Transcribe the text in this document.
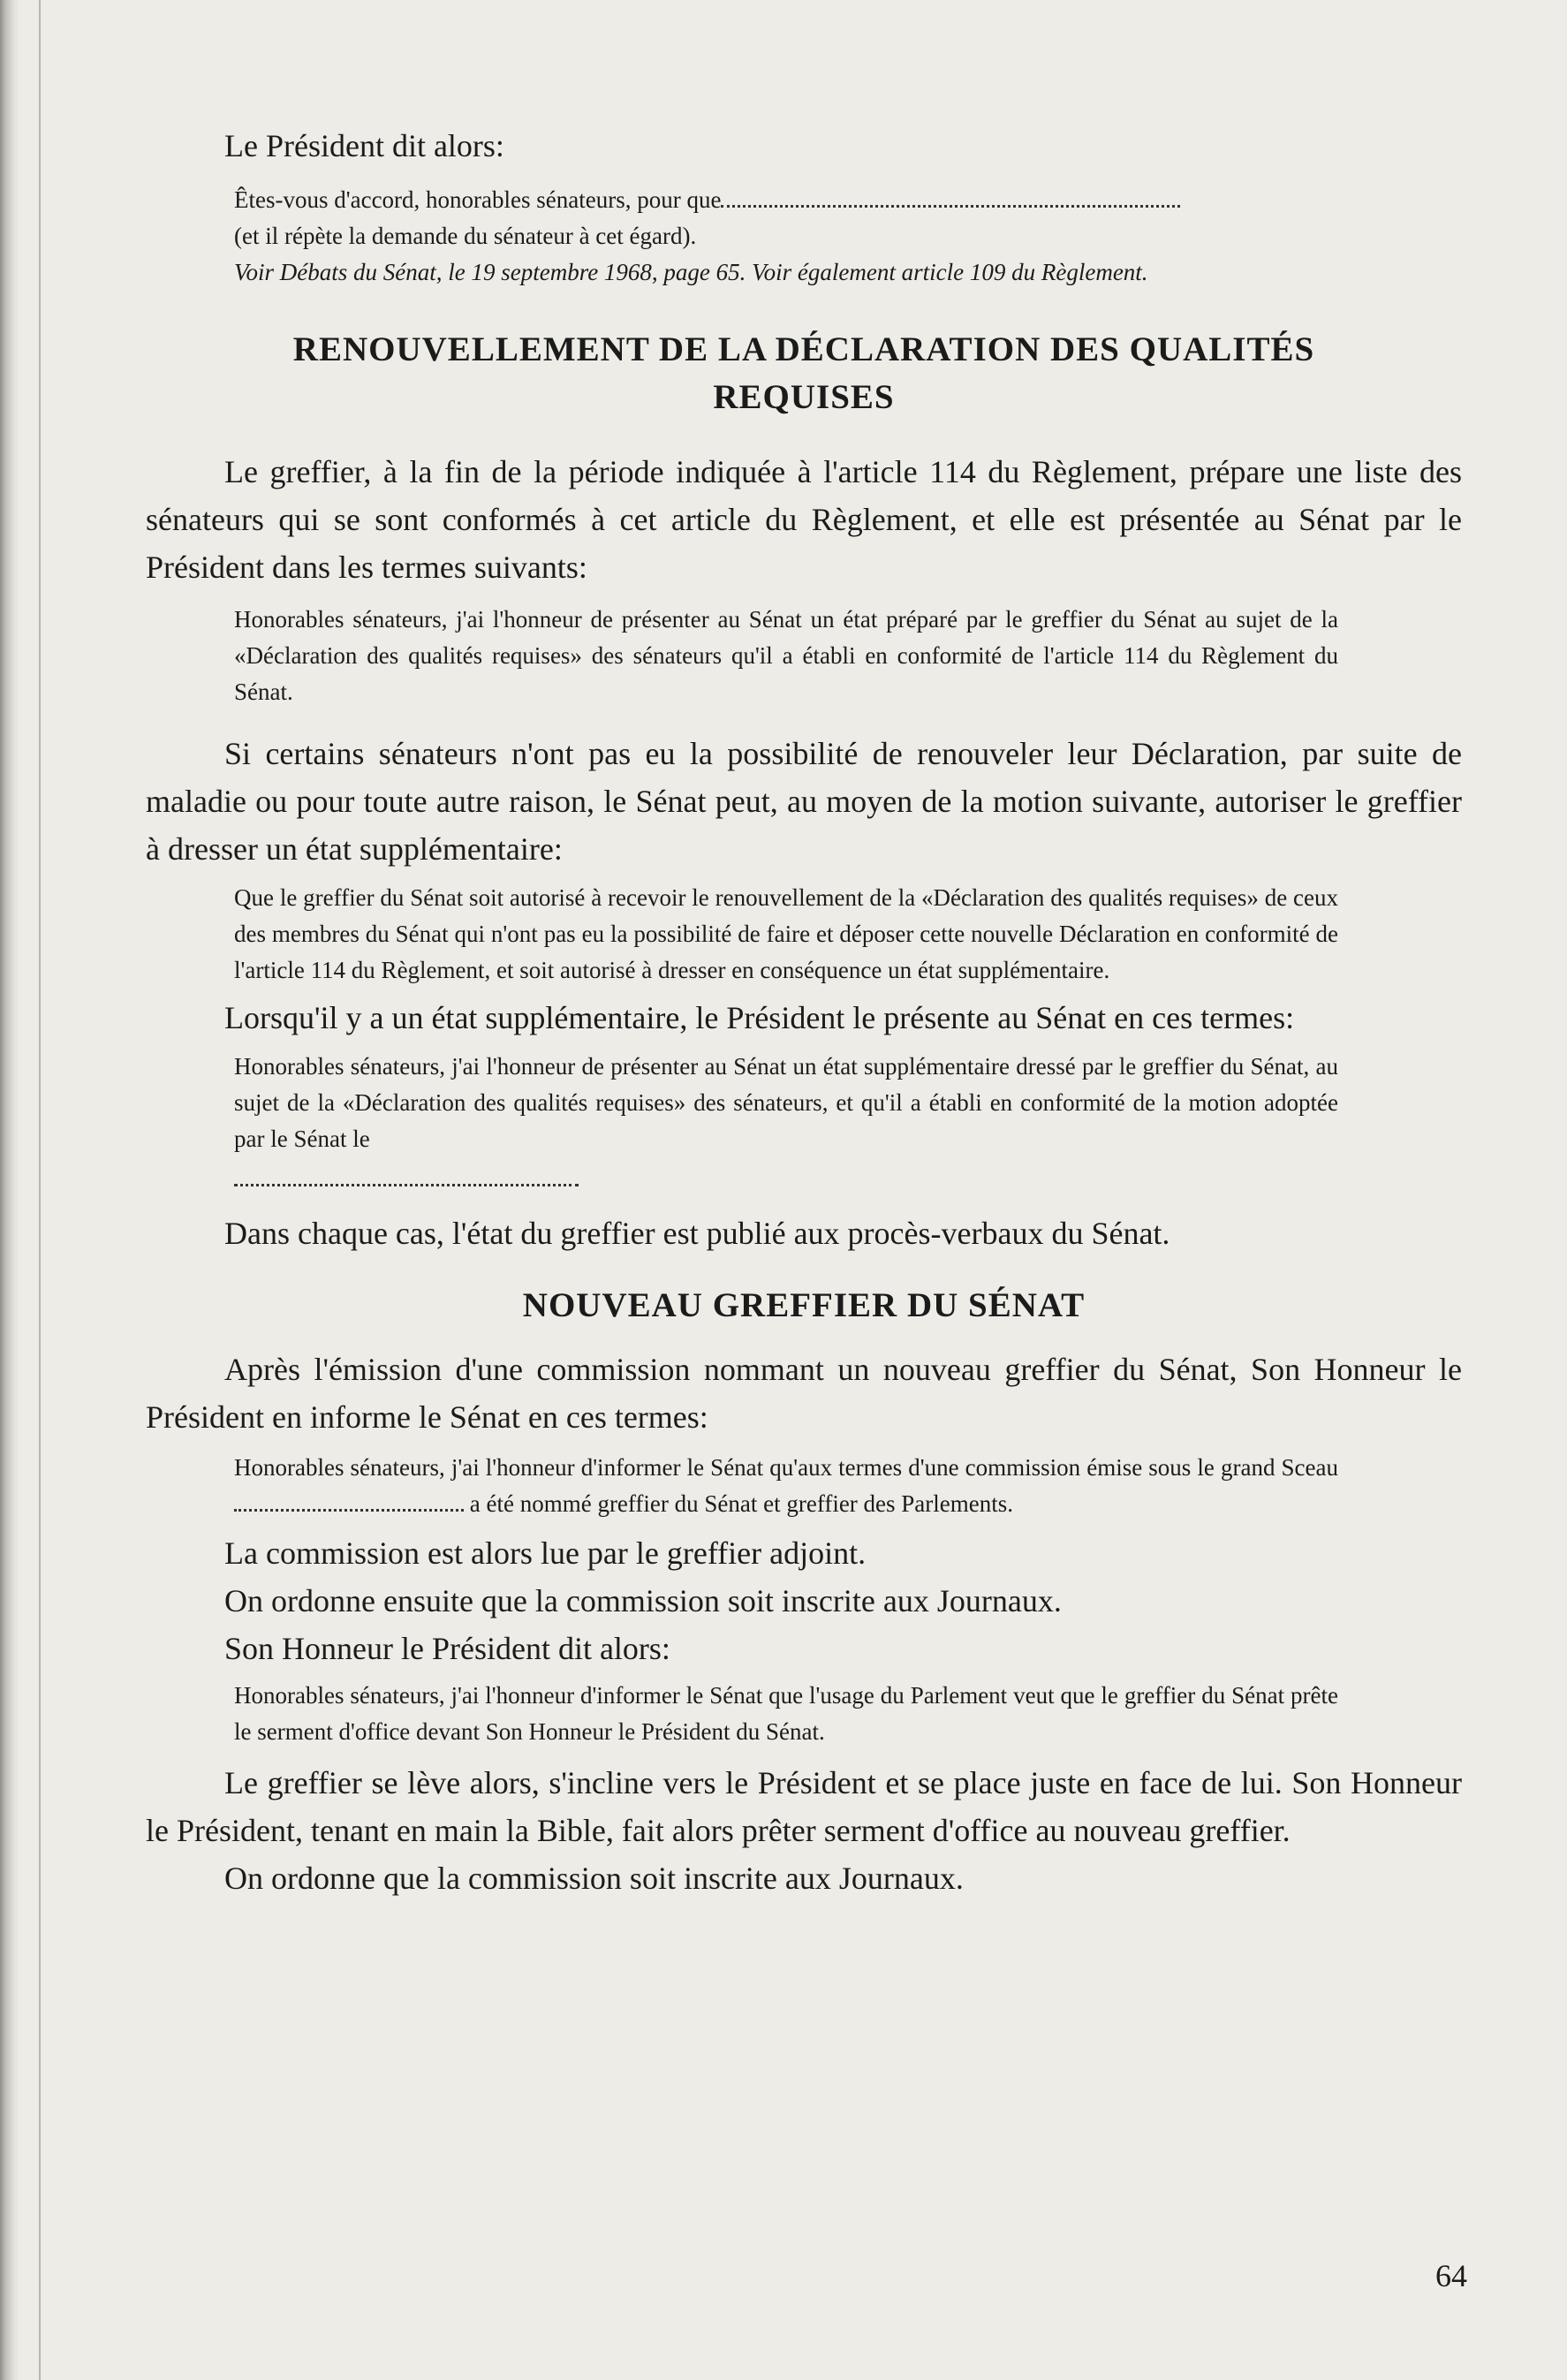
Le Président dit alors:

Êtes-vous d'accord, honorables sénateurs, pour que

(et il répète la demande du sénateur à cet égard).

Voir Débats du Sénat, le 19 septembre 1968, page 65. Voir également article 109 du Règlement.

RENOUVELLEMENT DE LA DÉCLARATION DES QUALITÉS REQUISES

Le greffier, à la fin de la période indiquée à l'article 114 du Règlement, prépare une liste des sénateurs qui se sont conformés à cet article du Règlement, et elle est présentée au Sénat par le Président dans les termes suivants:

Honorables sénateurs, j'ai l'honneur de présenter au Sénat un état préparé par le greffier du Sénat au sujet de la «Déclaration des qualités requises» des sénateurs qu'il a établi en conformité de l'article 114 du Règlement du Sénat.

Si certains sénateurs n'ont pas eu la possibilité de renouveler leur Déclaration, par suite de maladie ou pour toute autre raison, le Sénat peut, au moyen de la motion suivante, autoriser le greffier à dresser un état supplémentaire:

Que le greffier du Sénat soit autorisé à recevoir le renouvellement de la «Déclaration des qualités requises» de ceux des membres du Sénat qui n'ont pas eu la possibilité de faire et déposer cette nouvelle Déclaration en conformité de l'article 114 du Règlement, et soit autorisé à dresser en conséquence un état supplémentaire.

Lorsqu'il y a un état supplémentaire, le Président le présente au Sénat en ces termes:

Honorables sénateurs, j'ai l'honneur de présenter au Sénat un état supplémentaire dressé par le greffier du Sénat, au sujet de la «Déclaration des qualités requises» des sénateurs, et qu'il a établi en conformité de la motion adoptée par le Sénat le

Dans chaque cas, l'état du greffier est publié aux procès-verbaux du Sénat.

NOUVEAU GREFFIER DU SÉNAT

Après l'émission d'une commission nommant un nouveau greffier du Sénat, Son Honneur le Président en informe le Sénat en ces termes:

Honorables sénateurs, j'ai l'honneur d'informer le Sénat qu'aux termes d'une commission émise sous le grand Sceau  a été nommé greffier du Sénat et greffier des Parlements.

La commission est alors lue par le greffier adjoint.

On ordonne ensuite que la commission soit inscrite aux Journaux.

Son Honneur le Président dit alors:

Honorables sénateurs, j'ai l'honneur d'informer le Sénat que l'usage du Parlement veut que le greffier du Sénat prête le serment d'office devant Son Honneur le Président du Sénat.

Le greffier se lève alors, s'incline vers le Président et se place juste en face de lui. Son Honneur le Président, tenant en main la Bible, fait alors prêter serment d'office au nouveau greffier.

On ordonne que la commission soit inscrite aux Journaux.

64
